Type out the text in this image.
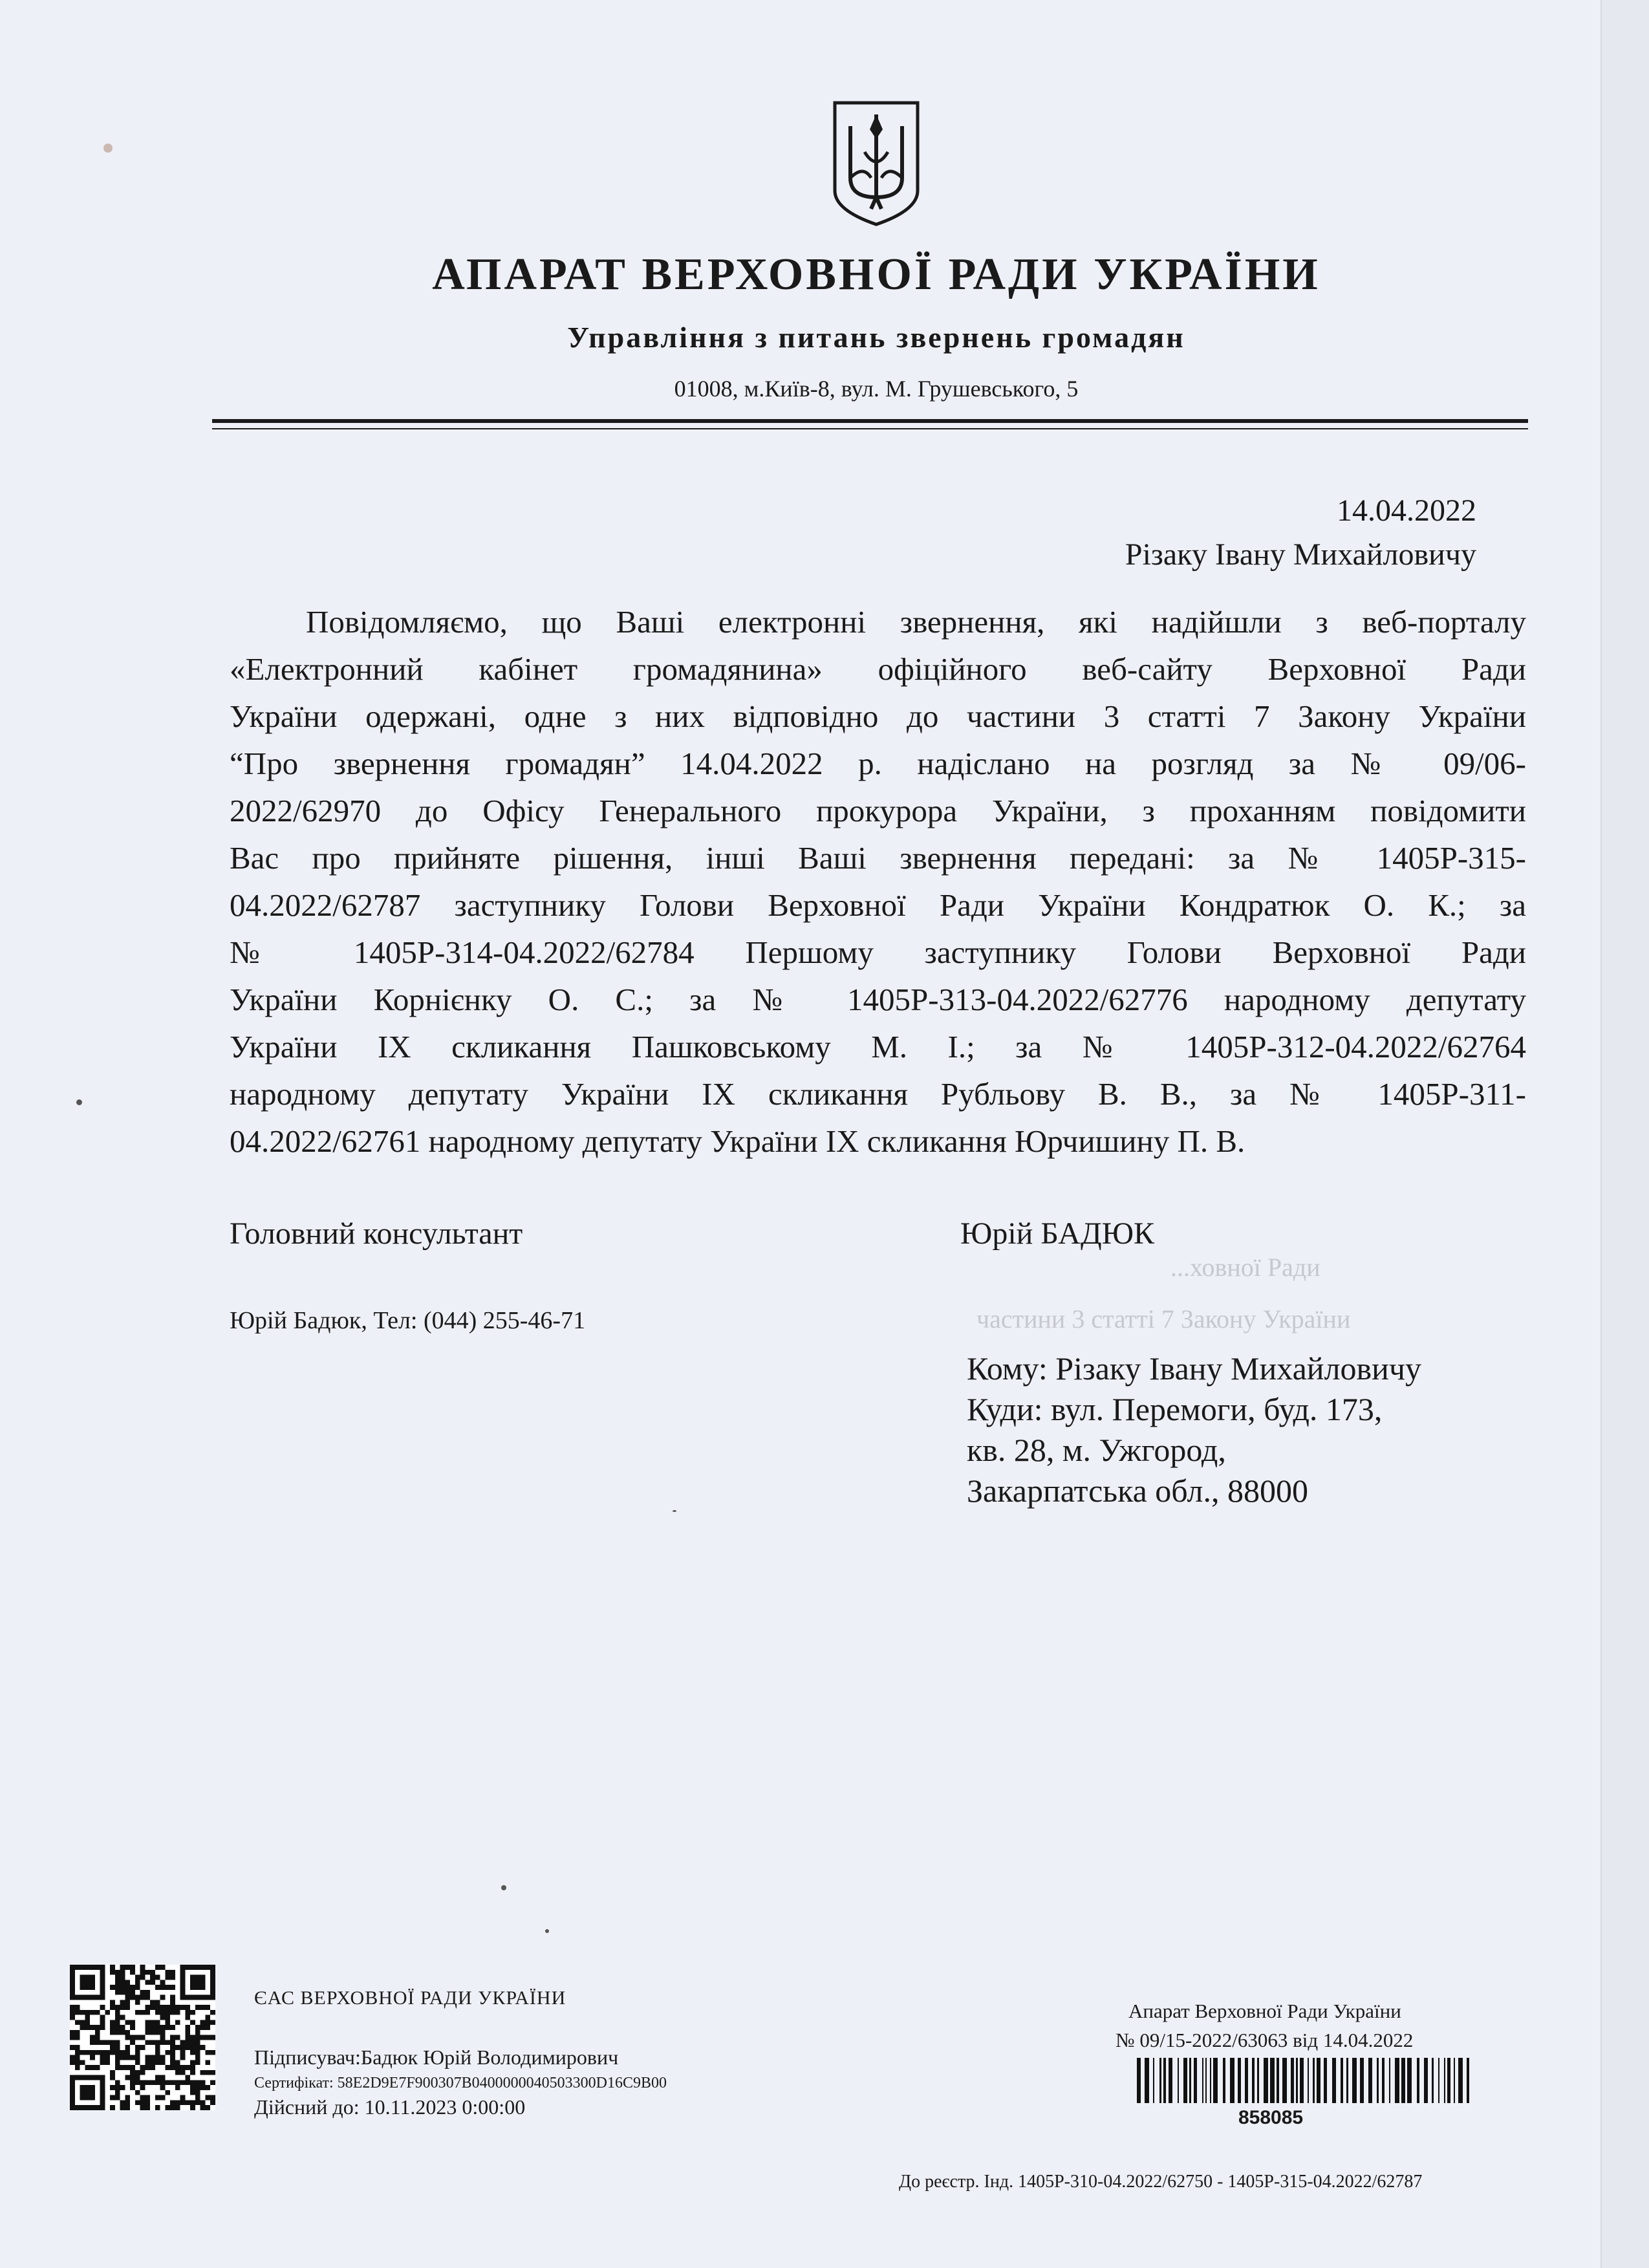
АПАРАТ ВЕРХОВНОЇ РАДИ УКРАЇНИ
Управління з питань звернень громадян
01008, м.Київ-8, вул. М. Грушевського, 5
14.04.2022
Різаку Івану Михайловичу

Повідомляємо, що Ваші електронні звернення, які надійшли з веб-порталу
«Електронний кабінет громадянина» офіційного веб-сайту Верховної Ради
України одержані, одне з них відповідно до частини 3 статті 7 Закону України
“Про звернення громадян” 14.04.2022 р. надіслано на розгляд за № 09/06-
2022/62970 до Офісу Генерального прокурора України, з проханням повідомити
Вас про прийняте рішення, інші Ваші звернення передані: за № 1405Р-315-
04.2022/62787 заступнику Голови Верховної Ради України Кондратюк О. К.; за
№ 1405Р-314-04.2022/62784 Першому заступнику Голови Верховної Ради
України Корнієнку О. С.; за № 1405Р-313-04.2022/62776 народному депутату
України IX скликання Пашковському М. І.; за № 1405Р-312-04.2022/62764
народному депутату України IX скликання Рубльову В. В., за № 1405Р-311-
04.2022/62761 народному депутату України IX скликання Юрчишину П. В.

Головний консультант	Юрій БАДЮК
...ховної Ради
частини 3 статті 7 Закону України
Юрій Бадюк, Тел: (044) 255-46-71
Кому: Різаку Івану Михайловичу
Куди: вул. Перемоги, буд. 173,
кв. 28, м. Ужгород,
Закарпатська обл., 88000
ЄАС ВЕРХОВНОЇ РАДИ УКРАЇНИ
Підписувач:Бадюк Юрій Володимирович
Сертифікат: 58E2D9E7F900307B0400000040503300D16C9B00
Дійсний до: 10.11.2023 0:00:00
Апарат Верховної Ради України
№ 09/15-2022/63063 від 14.04.2022
858085
До реєстр. Інд. 1405Р-310-04.2022/62750 - 1405Р-315-04.2022/62787
